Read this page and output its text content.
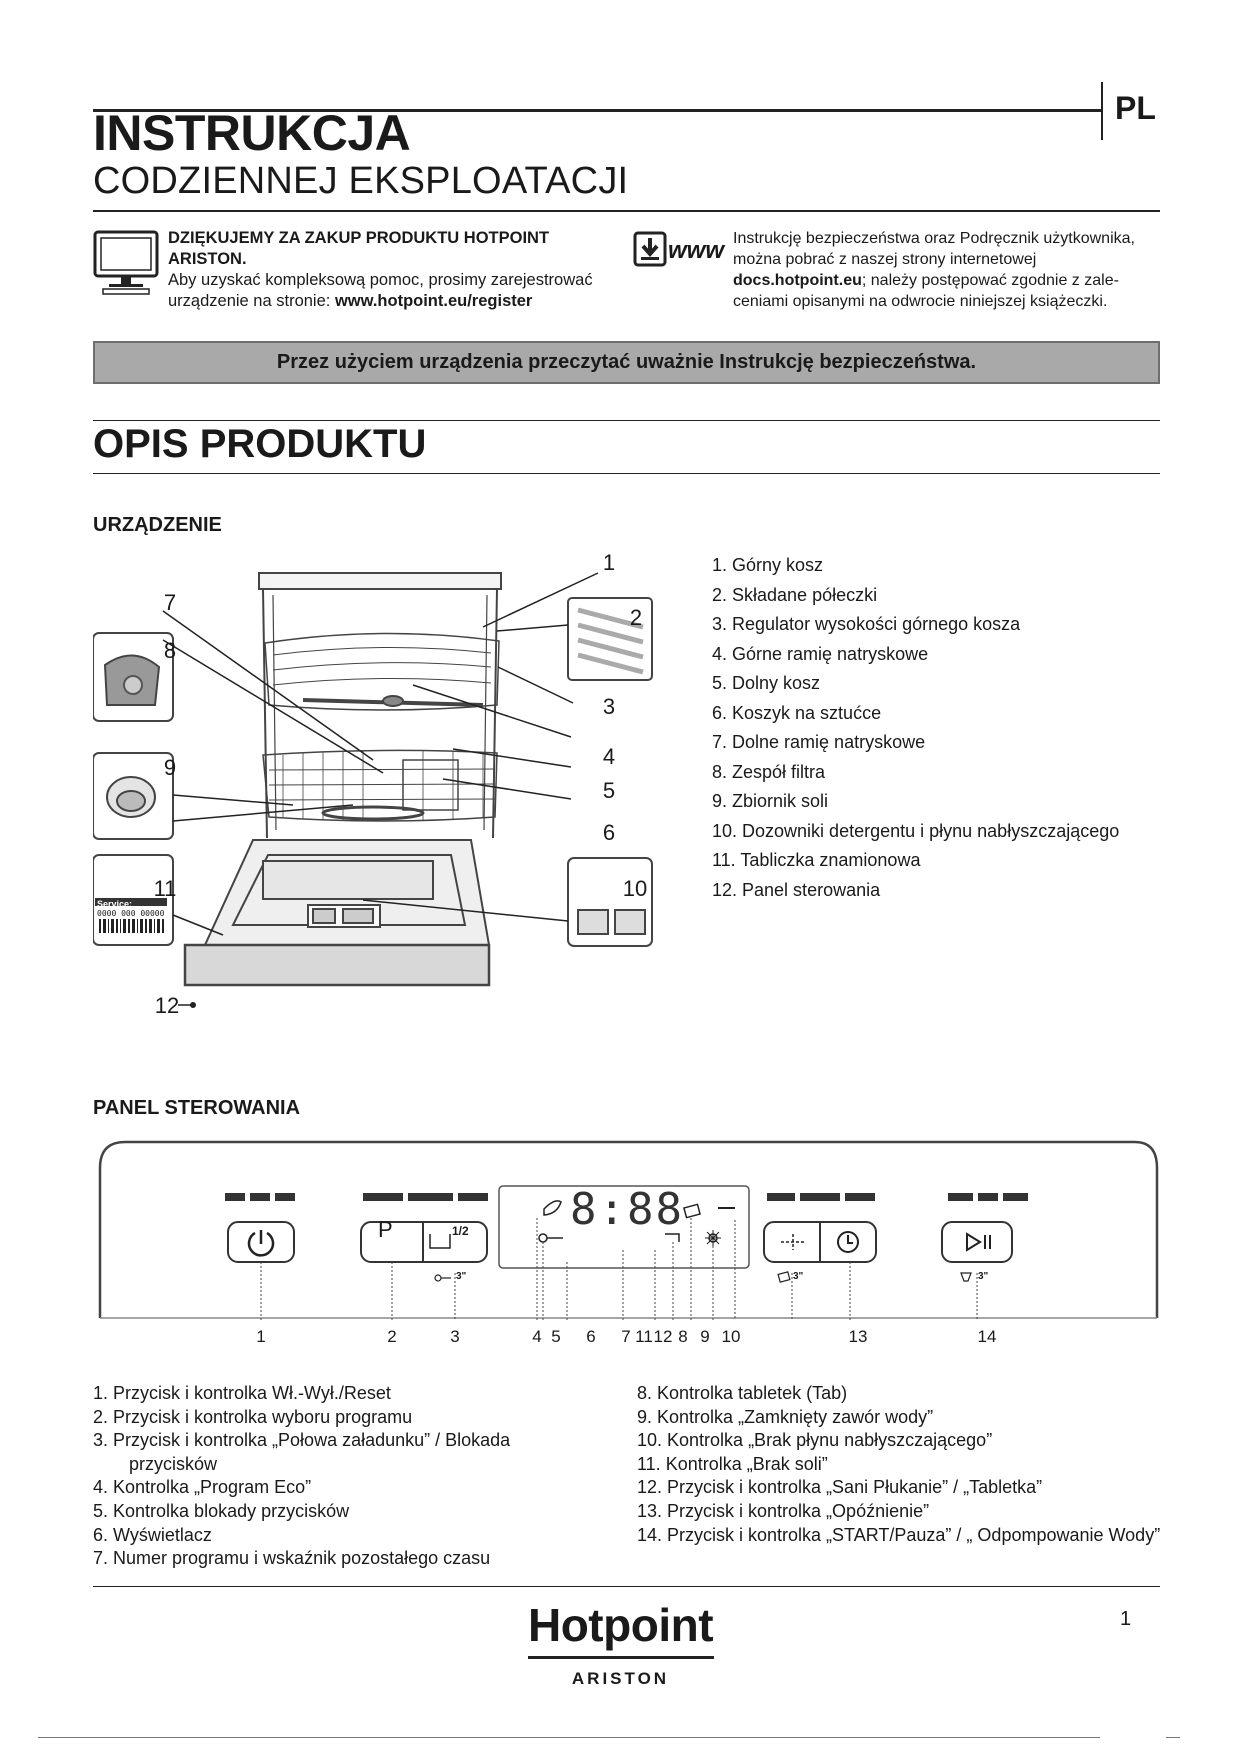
PL
INSTRUKCJA
CODZIENNEJ EKSPLOATACJI
DZIĘKUJEMY ZA ZAKUP PRODUKTU HOTPOINT
ARISTON.
Aby uzyskać kompleksową pomoc, prosimy zarejestrować
urządzenie na stronie: www.hotpoint.eu/register
www Instrukcję bezpieczeństwa oraz Podręcznik użytkownika,
można pobrać z naszej strony internetowej
docs.hotpoint.eu; należy postępować zgodnie z zale-
ceniami opisanymi na odwrocie niniejszej książeczki.
Przez użyciem urządzenia przeczytać uważnie Instrukcję bezpieczeństwa.
OPIS PRODUKTU
URZĄDZENIE
Service:
0000 000 00000
1
2
3
4
5
6
7
8
9
10
11
12
1. Górny kosz
2. Składane półeczki
3. Regulator wysokości górnego kosza
4. Górne ramię natryskowe
5. Dolny kosz
6. Koszyk na sztućce
7. Dolne ramię natryskowe
8. Zespół filtra
9. Zbiornik soli
10. Dozowniki detergentu i płynu nabłyszczającego
11. Tabliczka znamionowa
12. Panel sterowania
PANEL STEROWANIA
8:88
P	1/2
3"	3"	3"
1	2	3	4 5	6	7 11 12 8 9 10	13	14
1. Przycisk i kontrolka Wł.-Wył./Reset
2. Przycisk i kontrolka wyboru programu
3. Przycisk i kontrolka „Połowa załadunku” / Blokada
przycisków
4. Kontrolka „Program Eco”
5. Kontrolka blokady przycisków
6. Wyświetlacz
7. Numer programu i wskaźnik pozostałego czasu
8. Kontrolka tabletek (Tab)
9. Kontrolka „Zamknięty zawór wody”
10. Kontrolka „Brak płynu nabłyszczającego”
11. Kontrolka „Brak soli”
12. Przycisk i kontrolka „Sani Płukanie” / „Tabletka”
13. Przycisk i kontrolka „Opóźnienie”
14. Przycisk i kontrolka „START/Pauza” / „ Odpompowanie Wody”
Hotpoint
ARISTON
1
